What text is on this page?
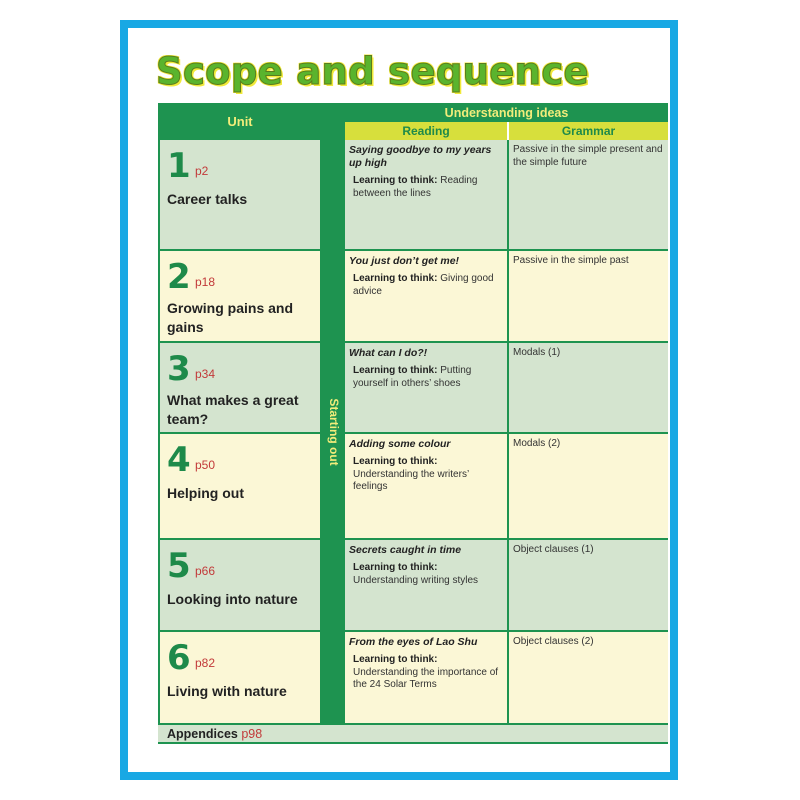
Scope and sequence
Unit
Understanding ideas
Reading	Grammar
1 p2
Career talks
Saying goodbye to my years up high
Learning to think: Reading between the lines
Passive in the simple present and the simple future
2 p18
Growing pains and gains
You just don’t get me!
Learning to think: Giving good advice
Passive in the simple past
3 p34
What makes a great team?
What can I do?!
Learning to think: Putting yourself in others’ shoes
Modals (1)
4 p50
Helping out
Adding some colour
Learning to think: Understanding the writers’ feelings
Modals (2)
5 p66
Looking into nature
Secrets caught in time
Learning to think: Understanding writing styles
Object clauses (1)
6 p82
Living with nature
From the eyes of Lao Shu
Learning to think: Understanding the importance of the 24 Solar Terms
Object clauses (2)
Starting out
Appendices p98
